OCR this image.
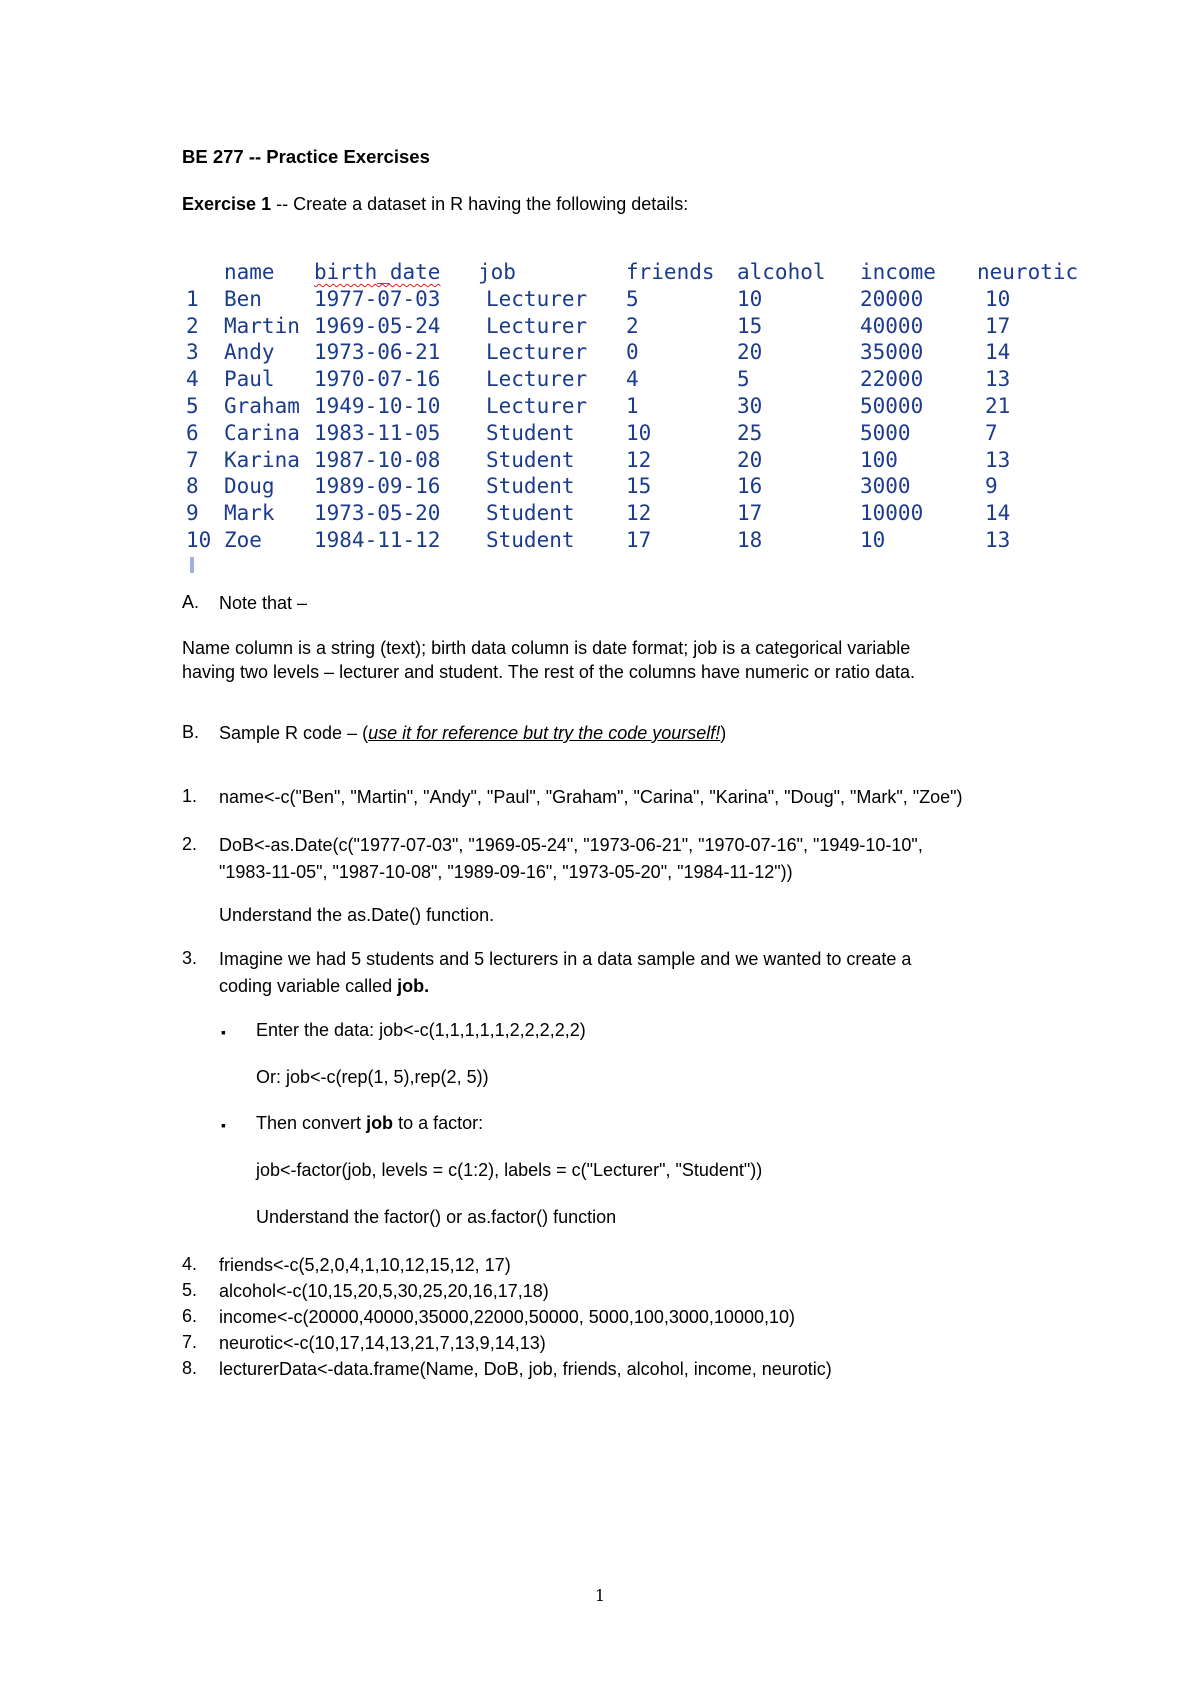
BE 277 -- Practice Exercises
Exercise 1 -- Create a dataset in R having the following details:
	name	birth_date	job	friends	alcohol	income	neurotic
1	Ben	1977-07-03	Lecturer	5	10	20000	10
2	Martin	1969-05-24	Lecturer	2	15	40000	17
3	Andy	1973-06-21	Lecturer	0	20	35000	14
4	Paul	1970-07-16	Lecturer	4	5	22000	13
5	Graham	1949-10-10	Lecturer	1	30	50000	21
6	Carina	1983-11-05	Student	10	25	5000	7
7	Karina	1987-10-08	Student	12	20	100	13
8	Doug	1989-09-16	Student	15	16	3000	9
9	Mark	1973-05-20	Student	12	17	10000	14
10	Zoe	1984-11-12	Student	17	18	10	13
A. Note that –
Name column is a string (text); birth data column is date format; job is a categorical variable
having two levels – lecturer and student. The rest of the columns have numeric or ratio data.
B. Sample R code – (use it for reference but try the code yourself!)
1. name<-c("Ben", "Martin", "Andy", "Paul", "Graham", "Carina", "Karina", "Doug", "Mark", "Zoe")
2. DoB<-as.Date(c("1977-07-03", "1969-05-24", "1973-06-21", "1970-07-16", "1949-10-10",
"1983-11-05", "1987-10-08", "1989-09-16", "1973-05-20", "1984-11-12"))
Understand the as.Date() function.
3. Imagine we had 5 students and 5 lecturers in a data sample and we wanted to create a
coding variable called job.
▪ Enter the data: job<-c(1,1,1,1,1,2,2,2,2,2)
Or: job<-c(rep(1, 5),rep(2, 5))
▪ Then convert job to a factor:
job<-factor(job, levels = c(1:2), labels = c("Lecturer", "Student"))
Understand the factor() or as.factor() function
4. friends<-c(5,2,0,4,1,10,12,15,12, 17)
5. alcohol<-c(10,15,20,5,30,25,20,16,17,18)
6. income<-c(20000,40000,35000,22000,50000, 5000,100,3000,10000,10)
7. neurotic<-c(10,17,14,13,21,7,13,9,14,13)
8. lecturerData<-data.frame(Name, DoB, job, friends, alcohol, income, neurotic)
1
